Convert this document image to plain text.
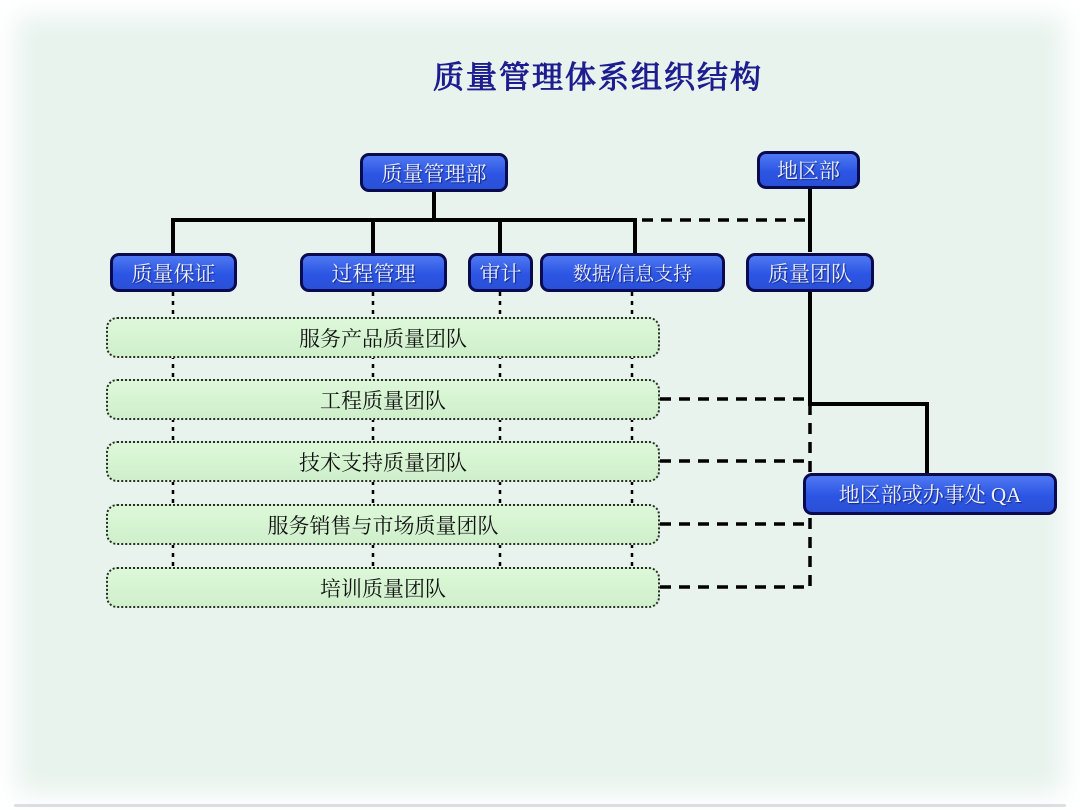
质量管理体系组织结构
质量管理部	地区部
质量保证	过程管理	审计	数据/信息支持	质量团队
服务产品质量团队
工程质量团队
技术支持质量团队
服务销售与市场质量团队
培训质量团队
地区部或办事处 QA
